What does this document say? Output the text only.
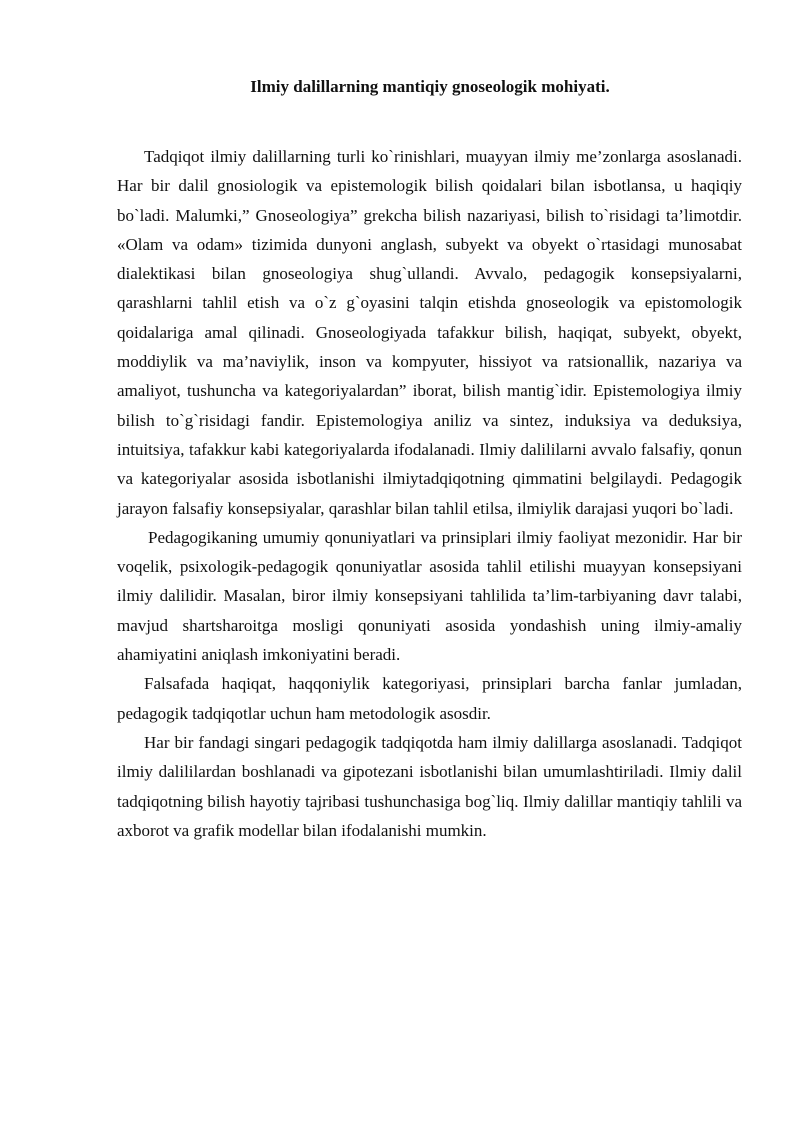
Ilmiy dalillarning mantiqiy gnoseologik mohiyati.

Tadqiqot ilmiy dalillarning turli ko`rinishlari, muayyan ilmiy me’zonlarga asoslanadi. Har bir dalil gnosiologik va epistemologik bilish qoidalari bilan isbotlansa, u haqiqiy bo`ladi. Malumki,” Gnoseologiya” grekcha bilish nazariyasi, bilish to`risidagi ta’limotdir. «Olam va odam» tizimida dunyoni anglash, subyekt va obyekt o`rtasidagi munosabat dialektikasi bilan gnoseologiya shug`ullandi. Avvalo, pedagogik konsepsiyalarni, qarashlarni tahlil etish va o`z g`oyasini talqin etishda gnoseologik va epistomologik qoidalariga amal qilinadi. Gnoseologiyada tafakkur bilish, haqiqat, subyekt, obyekt, moddiylik va ma’naviylik, inson va kompyuter, hissiyot va ratsionallik, nazariya va amaliyot, tushuncha va kategoriyalardan” iborat, bilish mantig`idir. Epistemologiya ilmiy bilish to`g`risidagi fandir. Epistemologiya aniliz va sintez, induksiya va deduksiya, intuitsiya, tafakkur kabi kategoriyalarda ifodalanadi. Ilmiy dalililarni avvalo falsafiy, qonun va kategoriyalar asosida isbotlanishi ilmiytadqiqotning qimmatini belgilaydi. Pedagogik jarayon falsafiy konsepsiyalar, qarashlar bilan tahlil etilsa, ilmiylik darajasi yuqori bo`ladi.

Pedagogikaning umumiy qonuniyatlari va prinsiplari ilmiy faoliyat mezonidir. Har bir voqelik, psixologik-pedagogik qonuniyatlar asosida tahlil etilishi muayyan konsepsiyani ilmiy dalilidir. Masalan, biror ilmiy konsepsiyani tahlilida ta’lim-tarbiyaning davr talabi, mavjud shartsharoitga mosligi qonuniyati asosida yondashish uning ilmiy-amaliy ahamiyatini aniqlash imkoniyatini beradi.

Falsafada haqiqat, haqqoniylik kategoriyasi, prinsiplari barcha fanlar jumladan, pedagogik tadqiqotlar uchun ham metodologik asosdir.

Har bir fandagi singari pedagogik tadqiqotda ham ilmiy dalillarga asoslanadi. Tadqiqot ilmiy dalililardan boshlanadi va gipotezani isbotlanishi bilan umumlashtiriladi. Ilmiy dalil tadqiqotning bilish hayotiy tajribasi tushunchasiga bog`liq. Ilmiy dalillar mantiqiy tahlili va axborot va grafik modellar bilan ifodalanishi mumkin.
